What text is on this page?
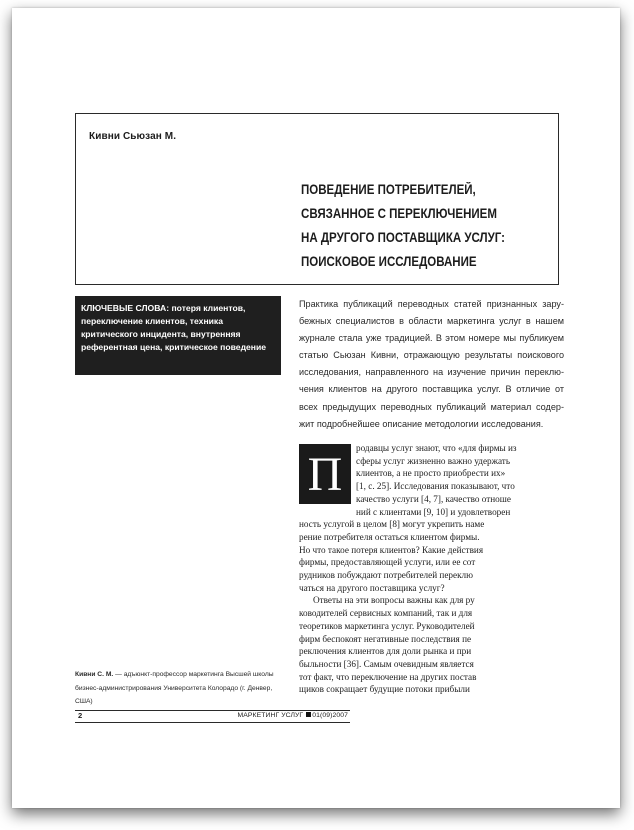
Кивни Сьюзан М.
ПОВЕДЕНИЕ ПОТРЕБИТЕЛЕЙ,
СВЯЗАННОЕ С ПЕРЕКЛЮЧЕНИЕМ
НА ДРУГОГО ПОСТАВЩИКА УСЛУГ:
ПОИСКОВОЕ ИССЛЕДОВАНИЕ
КЛЮЧЕВЫЕ СЛОВА: потеря клиентов, переключение клиентов, техника критического инцидента, внутренняя референтная цена, критическое поведение
Практика публикаций переводных статей признанных зарубежных специалистов в области маркетинга услуг в нашем журнале стала уже традицией. В этом номере мы публикуем статью Сьюзан Кивни, отражающую результаты поискового исследования, направленного на изучение причин переключения клиентов на другого поставщика услуг. В отличие от всех предыдущих переводных публикаций материал содержит подробнейшее описание методологии исследования.
П	родавцы услуг знают, что «для фирмы из
сферы услуг жизненно важно удержать
клиентов, а не просто приобрести их»
[1, с. 25]. Исследования показывают, что
качество услуги [4, 7], качество отноше
ний с клиентами [9, 10] и удовлетворен
ность услугой в целом [8] могут укрепить наме
рение потребителя остаться клиентом фирмы.
Но что такое потеря клиентов? Какие действия
фирмы, предоставляющей услуги, или ее сот
рудников побуждают потребителей переклю
чаться на другого поставщика услуг?
Ответы на эти вопросы важны как для ру
ководителей сервисных компаний, так и для
теоретиков маркетинга услуг. Руководителей
фирм беспокоят негативные последствия пе
реключения клиентов для доли рынка и при
быльности [36]. Самым очевидным является
тот факт, что переключение на других постав
щиков сокращает будущие потоки прибыли
Кивни С. М. — адъюнкт-профессор маркетинга Высшей школы бизнес-администрирования Университета Колорадо (г. Денвер, США)
2	МАРКЕТИНГ УСЛУГ 01(09)2007
